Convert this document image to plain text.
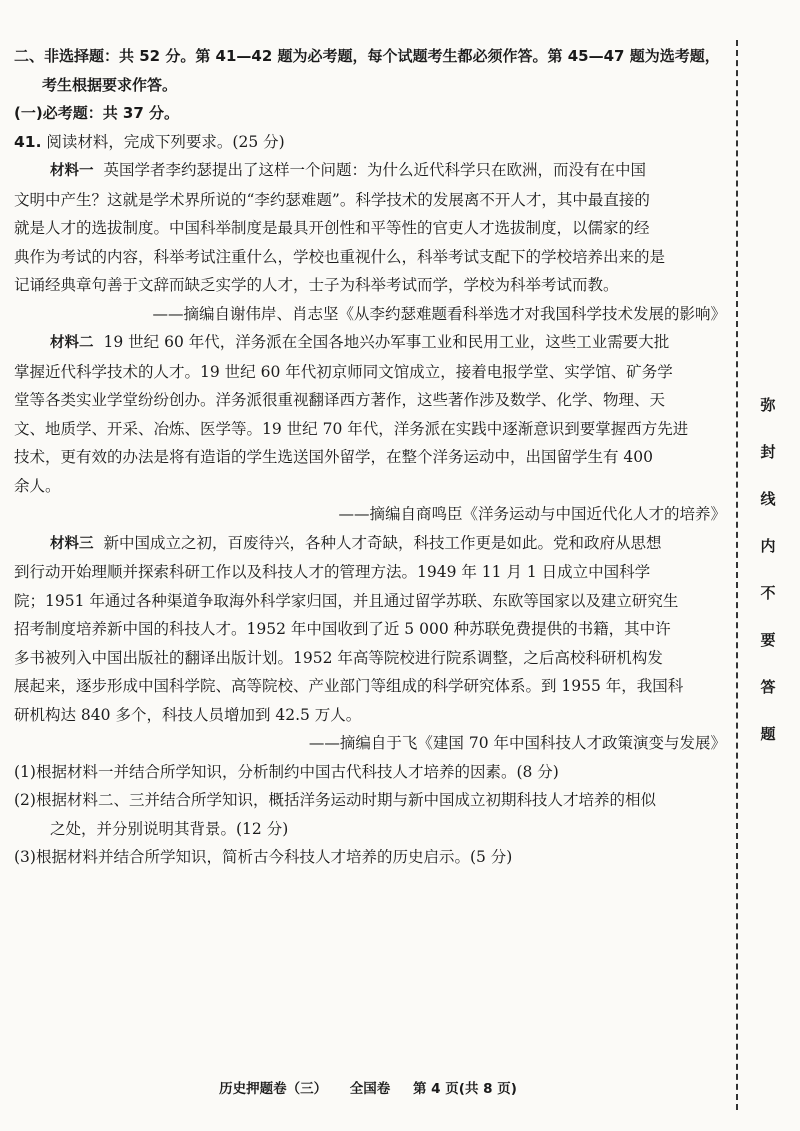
二、非选择题：共 52 分。第 41—42 题为必考题，每个试题考生都必须作答。第 45—47 题为选考题，
考生根据要求作答。
(一)必考题：共 37 分。
41. 阅读材料，完成下列要求。(25 分)
材料一 英国学者李约瑟提出了这样一个问题：为什么近代科学只在欧洲，而没有在中国
文明中产生？这就是学术界所说的“李约瑟难题”。科学技术的发展离不开人才，其中最直接的
就是人才的选拔制度。中国科举制度是最具开创性和平等性的官吏人才选拔制度，以儒家的经
典作为考试的内容，科举考试注重什么，学校也重视什么，科举考试支配下的学校培养出来的是
记诵经典章句善于文辞而缺乏实学的人才，士子为科举考试而学，学校为科举考试而教。
——摘编自谢伟岸、肖志坚《从李约瑟难题看科举选才对我国科学技术发展的影响》
材料二 19 世纪 60 年代，洋务派在全国各地兴办军事工业和民用工业，这些工业需要大批
掌握近代科学技术的人才。19 世纪 60 年代初京师同文馆成立，接着电报学堂、实学馆、矿务学
堂等各类实业学堂纷纷创办。洋务派很重视翻译西方著作，这些著作涉及数学、化学、物理、天
文、地质学、开采、冶炼、医学等。19 世纪 70 年代，洋务派在实践中逐渐意识到要掌握西方先进
技术，更有效的办法是将有造诣的学生选送国外留学，在整个洋务运动中，出国留学生有 400
余人。
——摘编自商鸣臣《洋务运动与中国近代化人才的培养》
材料三 新中国成立之初，百废待兴，各种人才奇缺，科技工作更是如此。党和政府从思想
到行动开始理顺并探索科研工作以及科技人才的管理方法。1949 年 11 月 1 日成立中国科学
院；1951 年通过各种渠道争取海外科学家归国，并且通过留学苏联、东欧等国家以及建立研究生
招考制度培养新中国的科技人才。1952 年中国收到了近 5 000 种苏联免费提供的书籍，其中许
多书被列入中国出版社的翻译出版计划。1952 年高等院校进行院系调整，之后高校科研机构发
展起来，逐步形成中国科学院、高等院校、产业部门等组成的科学研究体系。到 1955 年，我国科
研机构达 840 多个，科技人员增加到 42.5 万人。
——摘编自于飞《建国 70 年中国科技人才政策演变与发展》
(1)根据材料一并结合所学知识，分析制约中国古代科技人才培养的因素。(8 分)
(2)根据材料二、三并结合所学知识，概括洋务运动时期与新中国成立初期科技人才培养的相似
之处，并分别说明其背景。(12 分)
(3)根据材料并结合所学知识，简析古今科技人才培养的历史启示。(5 分)
弥
封
线
内
不
要
答
题
历史押题卷（三） 全国卷 第 4 页(共 8 页)
